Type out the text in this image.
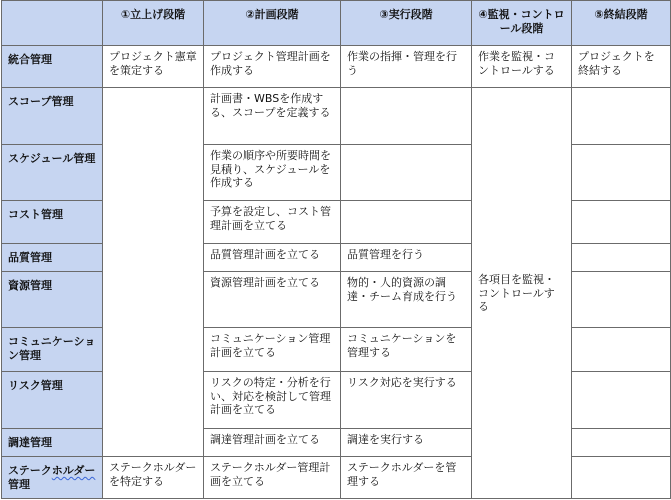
	①立上げ段階	②計画段階	③実行段階	④監視・コントロール段階	⑤終結段階
統合管理	プロジェクト憲章を策定する	プロジェクト管理計画を作成する	作業の指揮・管理を行う	作業を監視・コントロールする	プロジェクトを終結する
スコープ管理		計画書・WBSを作成する、スコープを定義する		各項目を監視・コントロールする	
スケジュール管理		作業の順序や所要時間を見積り、スケジュールを作成する			
コスト管理		予算を設定し、コスト管理計画を立てる			
品質管理		品質管理計画を立てる	品質管理を行う		
資源管理		資源管理計画を立てる	物的・人的資源の調達・チーム育成を行う		
コミュニケーション管理		コミュニケーション管理計画を立てる	コミュニケーションを管理する		
リスク管理		リスクの特定・分析を行い、対応を検討して管理計画を立てる	リスク対応を実行する		
調達管理		調達管理計画を立てる	調達を実行する		
ステークホルダー管理	ステークホルダーを特定する	ステークホルダー管理計画を立てる	ステークホルダーを管理する		
